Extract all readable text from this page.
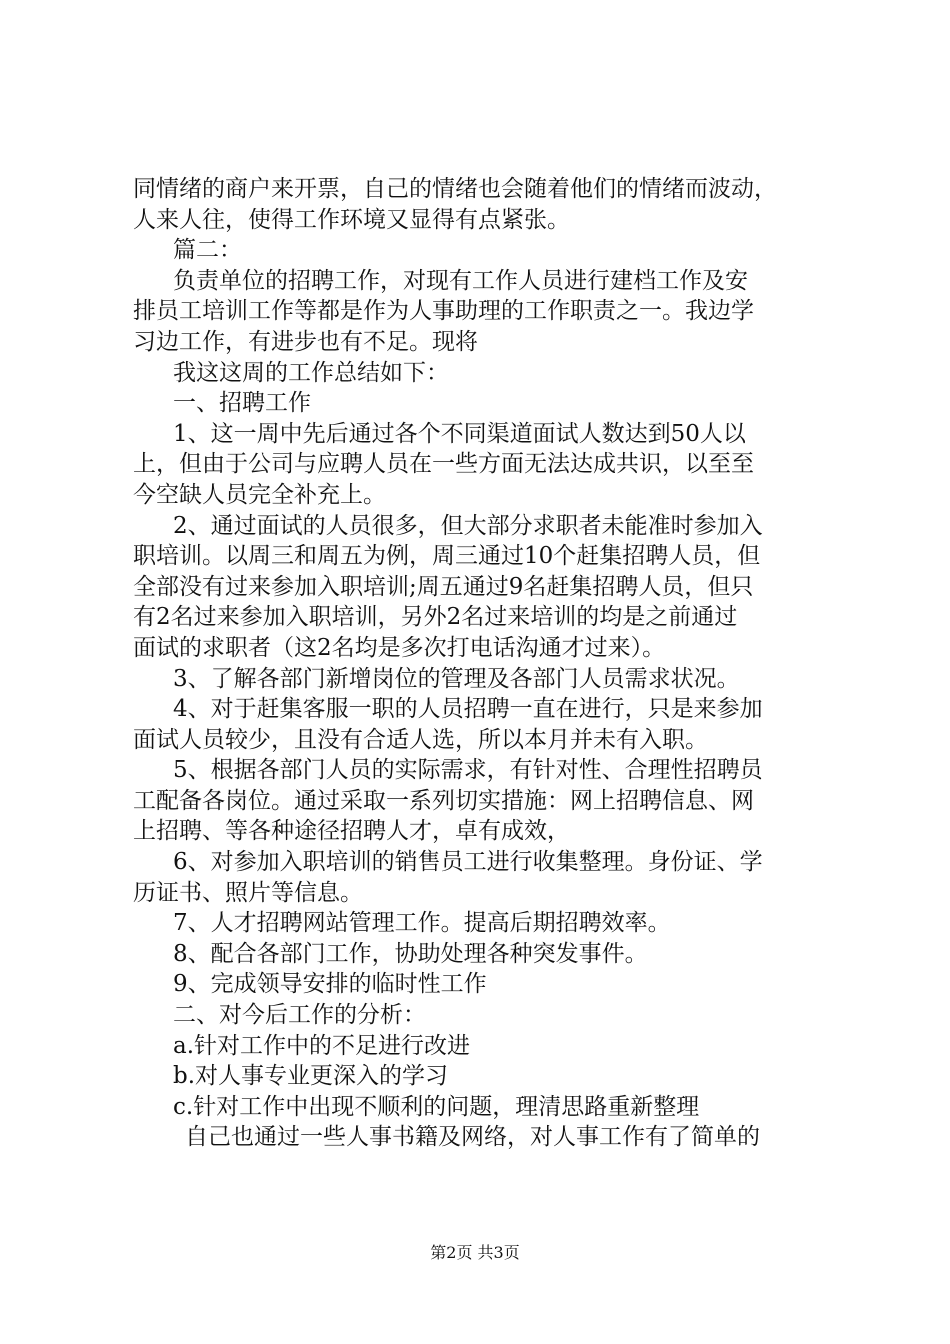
同情绪的商户来开票，自己的情绪也会随着他们的情绪而波动，
人来人往，使得工作环境又显得有点紧张。
篇二：
负责单位的招聘工作，对现有工作人员进行建档工作及安
排员工培训工作等都是作为人事助理的工作职责之一。我边学
习边工作，有进步也有不足。现将
我这这周的工作总结如下：
一、招聘工作
1、这一周中先后通过各个不同渠道面试人数达到50人以
上，但由于公司与应聘人员在一些方面无法达成共识，以至至
今空缺人员完全补充上。
2、通过面试的人员很多，但大部分求职者未能准时参加入
职培训。以周三和周五为例，周三通过10个赶集招聘人员，但
全部没有过来参加入职培训;周五通过9名赶集招聘人员，但只
有2名过来参加入职培训，另外2名过来培训的均是之前通过
面试的求职者（这2名均是多次打电话沟通才过来）。
3、了解各部门新增岗位的管理及各部门人员需求状况。
4、对于赶集客服一职的人员招聘一直在进行，只是来参加
面试人员较少，且没有合适人选，所以本月并未有入职。
5、根据各部门人员的实际需求，有针对性、合理性招聘员
工配备各岗位。通过采取一系列切实措施：网上招聘信息、网
上招聘、等各种途径招聘人才，卓有成效，
6、对参加入职培训的销售员工进行收集整理。身份证、学
历证书、照片等信息。
7、人才招聘网站管理工作。提高后期招聘效率。
8、配合各部门工作，协助处理各种突发事件。
9、完成领导安排的临时性工作
二、对今后工作的分析：
a.针对工作中的不足进行改进
b.对人事专业更深入的学习
c.针对工作中出现不顺利的问题，理清思路重新整理
自己也通过一些人事书籍及网络，对人事工作有了简单的
第2页 共3页
